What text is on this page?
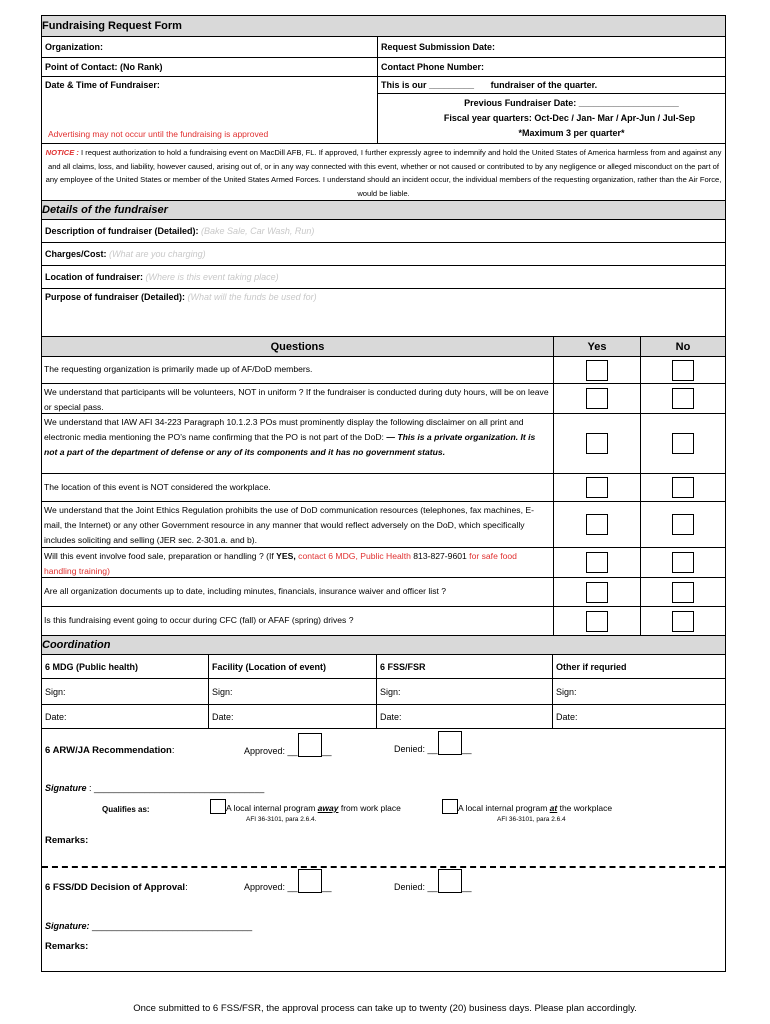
Fundraising Request Form
Organization:	Request Submission Date:
Point of Contact: (No Rank)	Contact Phone Number:
Date & Time of Fundraiser:
Advertising may not occur until the fundraising is approved
This is our _________ fundraiser of the quarter.
Previous Fundraiser Date: ____________________
Fiscal year quarters: Oct-Dec / Jan- Mar / Apr-Jun / Jul-Sep
*Maximum 3 per quarter*
NOTICE : I request authorization to hold a fundraising event on MacDill AFB, FL. If approved, I further expressly agree to indemnify and hold the United States of America harmless from and against any and all claims, loss, and liability, however caused, arising out of, or in any way connected with this event, whether or not caused or contributed to by any negligence or alleged misconduct on the part of any employee of the United States or member of the United States Armed Forces. I understand should an incident occur, the individual members of the requesting organization, rather than the Air Force, would be liable.
Details of the fundraiser
Description of fundraiser (Detailed): (Bake Sale, Car Wash, Run)
Charges/Cost: (What are you charging)
Location of fundraiser: (Where is this event taking place)
Purpose of fundraiser (Detailed): (What will the funds be used for)
Questions	Yes	No
The requesting organization is primarily made up of AF/DoD members.
We understand that participants will be volunteers, NOT in uniform ? If the fundraiser is conducted during duty hours, will be on leave or special pass.
We understand that IAW AFI 34-223 Paragraph 10.1.2.3 POs must prominently display the following disclaimer on all print and electronic media mentioning the PO’s name confirming that the PO is not part of the DoD: — This is a private organization. It is not a part of the department of defense or any of its components and it has no government status.
The location of this event is NOT considered the workplace.
We understand that the Joint Ethics Regulation prohibits the use of DoD communication resources (telephones, fax machines, E-mail, the Internet) or any other Government resource in any manner that would reflect adversely on the DoD, which specifically includes soliciting and selling (JER sec. 2-301.a. and b).
Will this event involve food sale, preparation or handling ? (If YES, contact 6 MDG, Public Health 813-827-9601 for safe food handling training)
Are all organization documents up to date, including minutes, financials, insurance waiver and officer list ?
Is this fundraising event going to occur during CFC (fall) or AFAF (spring) drives ?
Coordination
6 MDG (Public health)	Facility (Location of event)	6 FSS/FSR	Other if requried
Sign:	Sign:	Sign:	Sign:
Date:	Date:	Date:	Date:
6 ARW/JA Recommendation:	Approved: __	__	Denied: __	__
Signature : __________________________________
Qualifies as:	A local internal program away from work place
AFI 36-3101, para 2.6.4.
A local internal program at the workplace
AFI 36-3101, para 2.6.4
Remarks:
6 FSS/DD Decision of Approval:	Approved: __	__	Denied: __	__
Signature: ________________________________
Remarks:
Once submitted to 6 FSS/FSR, the approval process can take up to twenty (20) business days. Please plan accordingly.
